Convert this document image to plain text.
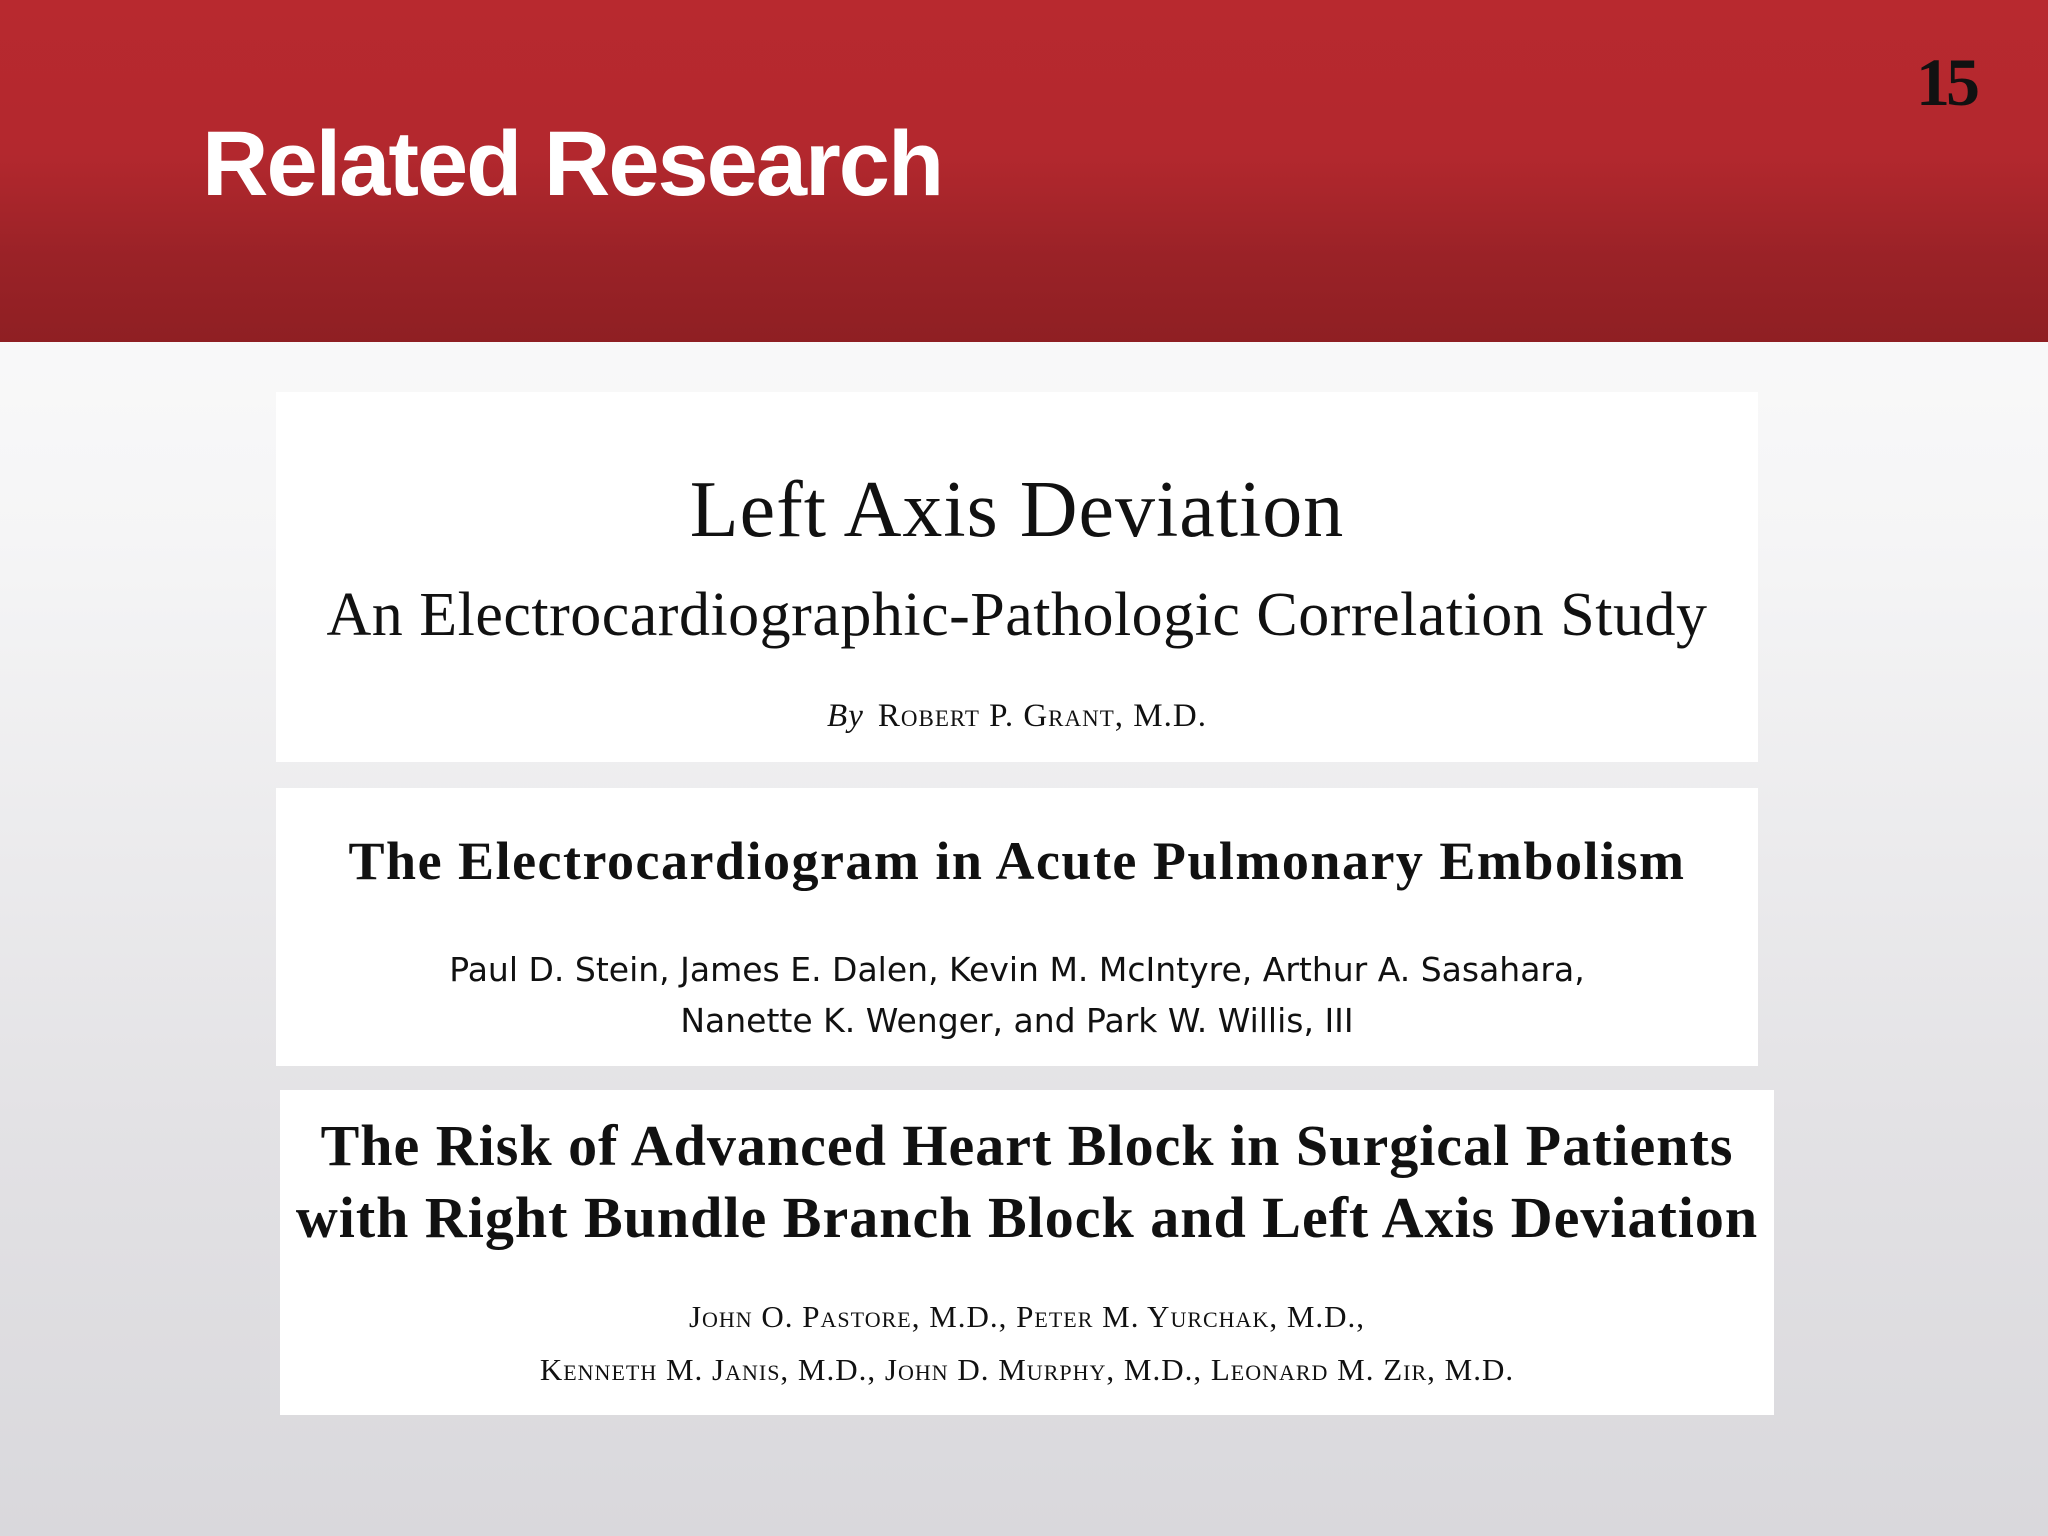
Related Research
15
Left Axis Deviation
An Electrocardiographic-Pathologic Correlation Study
By Robert P. Grant, M.D.
The Electrocardiogram in Acute Pulmonary Embolism
Paul D. Stein, James E. Dalen, Kevin M. McIntyre, Arthur A. Sasahara,
Nanette K. Wenger, and Park W. Willis, III
The Risk of Advanced Heart Block in Surgical Patients
with Right Bundle Branch Block and Left Axis Deviation
John O. Pastore, M.D., Peter M. Yurchak, M.D.,
Kenneth M. Janis, M.D., John D. Murphy, M.D., Leonard M. Zir, M.D.
